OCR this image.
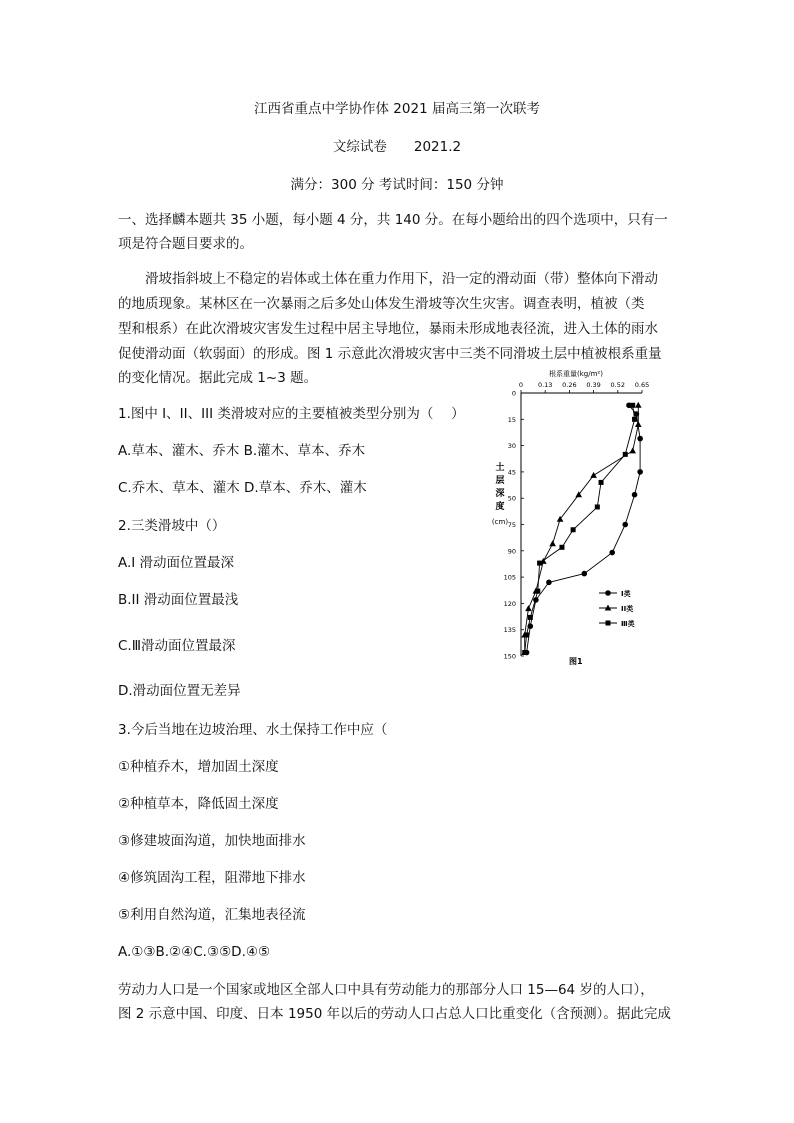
江西省重点中学协作体 2021 届高三第一次联考
文综试卷　　2021.2
满分：300 分 考试时间：150 分钟
一、选择麟本题共 35 小题，每小题 4 分，共 140 分。在每小题给出的四个选项中，只有一
项是符合题目要求的。
滑坡指斜坡上不稳定的岩体或土体在重力作用下，沿一定的滑动面（带）整体向下滑动
的地质现象。某林区在一次暴雨之后多处山体发生滑坡等次生灾害。调查表明，植被（类
型和根系）在此次滑坡灾害发生过程中居主导地位，暴雨未形成地表径流，进入土体的雨水
促使滑动面（软弱面）的形成。图 1 示意此次滑坡灾害中三类不同滑坡土层中植被根系重量
的变化情况。据此完成 1~3 题。
1.图中 I、II、III 类滑坡对应的主要植被类型分别为（　 ）
A.草本、灌木、乔木 B.灌木、草本、乔木
C.乔木、草本、灌木 D.草本、乔木、灌木
2.三类滑坡中（）
A.I 滑动面位置最深
B.II 滑动面位置最浅
C.Ⅲ滑动面位置最深
D.滑动面位置无差异
3.今后当地在边坡治理、水土保持工作中应（
①种植乔木，增加固土深度
②种植草本，降低固土深度
③修建坡面沟道，加快地面排水
④修筑固沟工程，阻滞地下排水
⑤利用自然沟道，汇集地表径流
A.①③B.②④C.③⑤D.④⑤
劳动力人口是一个国家或地区全部人口中具有劳动能力的那部分人口 15—64 岁的人口），
图 2 示意中国、印度、日本 1950 年以后的劳动人口占总人口比重变化（含预测）。据此完成
根系重量(kg/m²)
图1
0 0.13 0.26 0.39 0.52 0.65
0
15
30
45
50
75
90
105
120
135
150
土
层
深
度
(cm)
I类
II类
Ⅲ类
